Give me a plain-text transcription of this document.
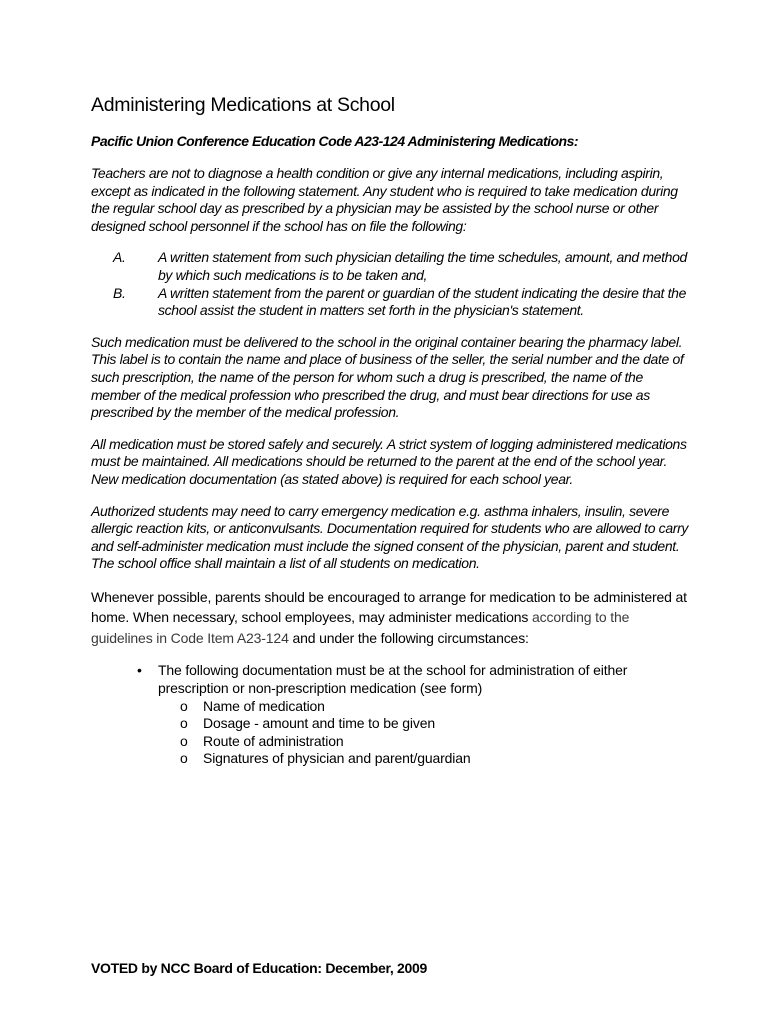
Administering Medications at School

Pacific Union Conference Education Code A23-124 Administering Medications:

Teachers are not to diagnose a health condition or give any internal medications, including aspirin, except as indicated in the following statement. Any student who is required to take medication during the regular school day as prescribed by a physician may be assisted by the school nurse or other designed school personnel if the school has on file the following:

A. A written statement from such physician detailing the time schedules, amount, and method by which such medications is to be taken and,
B. A written statement from the parent or guardian of the student indicating the desire that the school assist the student in matters set forth in the physician's statement.

Such medication must be delivered to the school in the original container bearing the pharmacy label. This label is to contain the name and place of business of the seller, the serial number and the date of such prescription, the name of the person for whom such a drug is prescribed, the name of the member of the medical profession who prescribed the drug, and must bear directions for use as prescribed by the member of the medical profession.

All medication must be stored safely and securely. A strict system of logging administered medications must be maintained. All medications should be returned to the parent at the end of the school year. New medication documentation (as stated above) is required for each school year.

Authorized students may need to carry emergency medication e.g. asthma inhalers, insulin, severe allergic reaction kits, or anticonvulsants. Documentation required for students who are allowed to carry and self-administer medication must include the signed consent of the physician, parent and student. The school office shall maintain a list of all students on medication.

Whenever possible, parents should be encouraged to arrange for medication to be administered at home. When necessary, school employees, may administer medications according to the guidelines in Code Item A23-124 and under the following circumstances:

• The following documentation must be at the school for administration of either prescription or non-prescription medication (see form)
o Name of medication
o Dosage - amount and time to be given
o Route of administration
o Signatures of physician and parent/guardian
VOTED by NCC Board of Education: December, 2009
